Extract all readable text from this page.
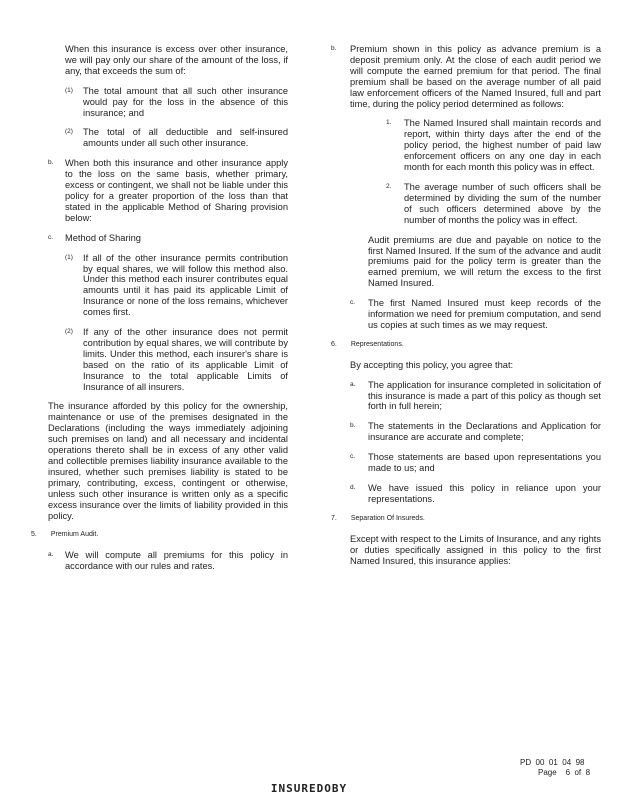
When this insurance is excess over other insurance, we will pay only our share of the amount of the loss, if any, that exceeds the sum of:

(1) The total amount that all such other insurance would pay for the loss in the absence of this insurance; and

(2) The total of all deductible and self-insured amounts under all such other insurance.

b. When both this insurance and other insurance apply to the loss on the same basis, whether primary, excess or contingent, we shall not be liable under this policy for a greater proportion of the loss than that stated in the applicable Method of Sharing provision below:

c. Method of Sharing

(1) If all of the other insurance permits contribution by equal shares, we will follow this method also. Under this method each insurer contributes equal amounts until it has paid its applicable Limit of Insurance or none of the loss remains, whichever comes first.

(2) If any of the other insurance does not permit contribution by equal shares, we will contribute by limits. Under this method, each insurer's share is based on the ratio of its applicable Limit of Insurance to the total applicable Limits of Insurance of all insurers.

The insurance afforded by this policy for the ownership, maintenance or use of the premises designated in the Declarations (including the ways immediately adjoining such premises on land) and all necessary and incidental operations thereto shall be in excess of any other valid and collectible premises liability insurance available to the insured, whether such premises liability is stated to be primary, contributing, excess, contingent or otherwise, unless such other insurance is written only as a specific excess insurance over the limits of liability provided in this policy.

5. Premium Audit.
a. We will compute all premiums for this policy in accordance with our rules and rates.

b. Premium shown in this policy as advance premium is a deposit premium only. At the close of each audit period we will compute the earned premium for that period. The final premium shall be based on the average number of all paid law enforcement officers of the Named Insured, full and part time, during the policy period determined as follows:

1. The Named Insured shall maintain records and report, within thirty days after the end of the policy period, the highest number of paid law enforcement officers on any one day in each month for each month this policy was in effect.

2. The average number of such officers shall be determined by dividing the sum of the number of such officers determined above by the number of months the policy was in effect.

Audit premiums are due and payable on notice to the first Named Insured. If the sum of the advance and audit premiums paid for the policy term is greater than the earned premium, we will return the excess to the first Named Insured.

c. The first Named Insured must keep records of the information we need for premium computation, and send us copies at such times as we may request.

6. Representations.

By accepting this policy, you agree that:

a. The application for insurance completed in solicitation of this insurance is made a part of this policy as though set forth in full herein;

b. The statements in the Declarations and Application for insurance are accurate and complete;

c. Those statements are based upon representations you made to us; and

d. We have issued this policy in reliance upon your representations.

7. Separation Of Insureds.

Except with respect to the Limits of Insurance, and any rights or duties specifically assigned in this policy to the first Named Insured, this insurance applies:

PD  00  01  04  98
Page    6  of  8
INSUREDOBY
